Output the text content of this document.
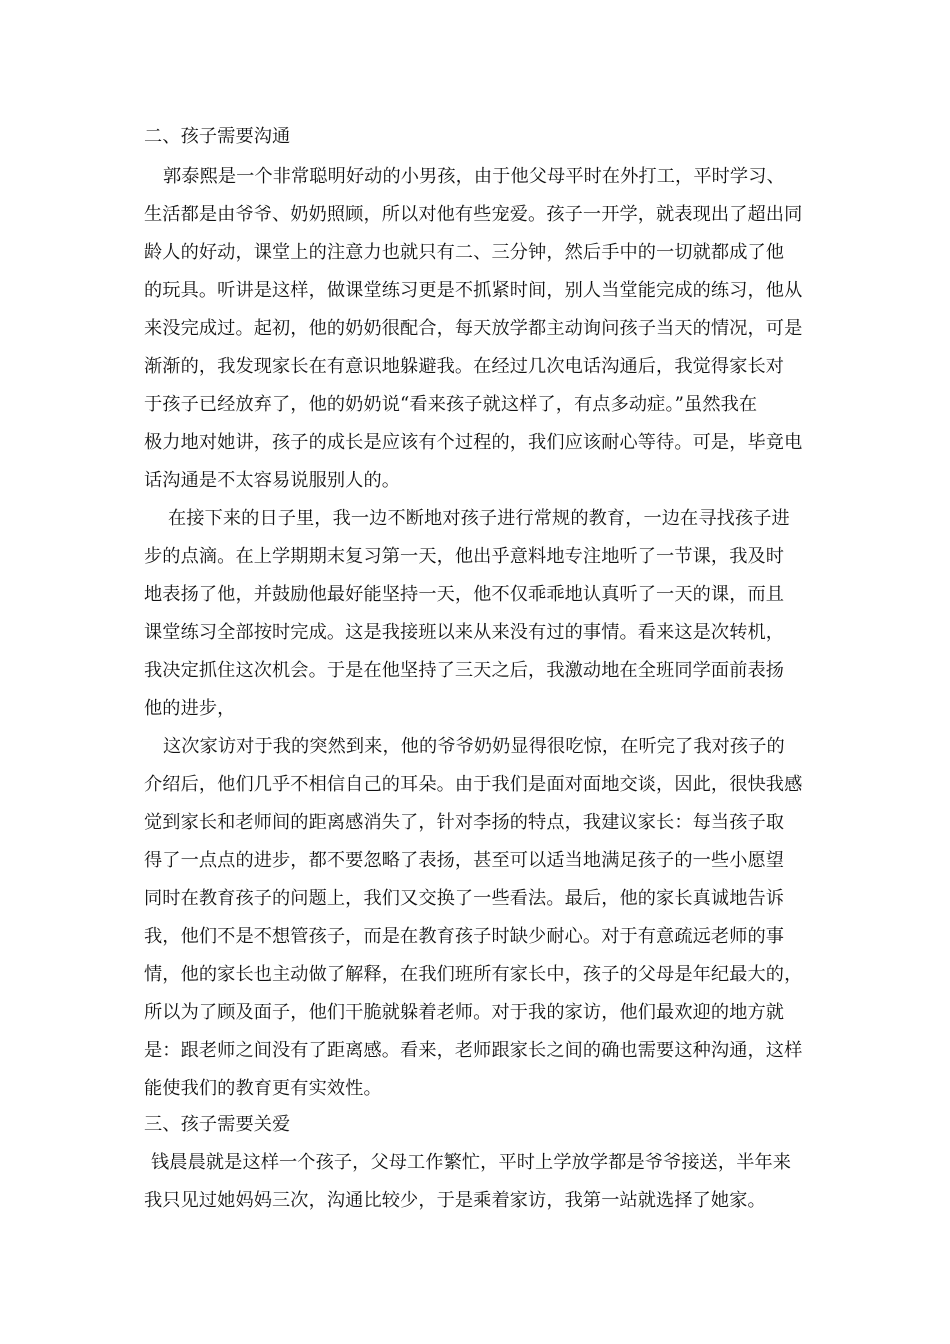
二、孩子需要沟通
郭泰熙是一个非常聪明好动的小男孩，由于他父母平时在外打工，平时学习、
生活都是由爷爷、奶奶照顾，所以对他有些宠爱。孩子一开学，就表现出了超出同
龄人的好动，课堂上的注意力也就只有二、三分钟，然后手中的一切就都成了他
的玩具。听讲是这样，做课堂练习更是不抓紧时间，别人当堂能完成的练习，他从
来没完成过。起初，他的奶奶很配合，每天放学都主动询问孩子当天的情况，可是
渐渐的，我发现家长在有意识地躲避我。在经过几次电话沟通后，我觉得家长对
于孩子已经放弃了，他的奶奶说“看来孩子就这样了，有点多动症。”虽然我在
极力地对她讲，孩子的成长是应该有个过程的，我们应该耐心等待。可是，毕竟电
话沟通是不太容易说服别人的。
在接下来的日子里，我一边不断地对孩子进行常规的教育，一边在寻找孩子进
步的点滴。在上学期期末复习第一天，他出乎意料地专注地听了一节课，我及时
地表扬了他，并鼓励他最好能坚持一天，他不仅乖乖地认真听了一天的课，而且
课堂练习全部按时完成。这是我接班以来从来没有过的事情。看来这是次转机，
我决定抓住这次机会。于是在他坚持了三天之后，我激动地在全班同学面前表扬
他的进步，
这次家访对于我的突然到来，他的爷爷奶奶显得很吃惊，在听完了我对孩子的
介绍后，他们几乎不相信自己的耳朵。由于我们是面对面地交谈，因此，很快我感
觉到家长和老师间的距离感消失了，针对李扬的特点，我建议家长：每当孩子取
得了一点点的进步，都不要忽略了表扬，甚至可以适当地满足孩子的一些小愿望
同时在教育孩子的问题上，我们又交换了一些看法。最后，他的家长真诚地告诉
我，他们不是不想管孩子，而是在教育孩子时缺少耐心。对于有意疏远老师的事
情，他的家长也主动做了解释，在我们班所有家长中，孩子的父母是年纪最大的，
所以为了顾及面子，他们干脆就躲着老师。对于我的家访，他们最欢迎的地方就
是：跟老师之间没有了距离感。看来，老师跟家长之间的确也需要这种沟通，这样
能使我们的教育更有实效性。
三、孩子需要关爱
钱晨晨就是这样一个孩子，父母工作繁忙，平时上学放学都是爷爷接送，半年来
我只见过她妈妈三次，沟通比较少，于是乘着家访，我第一站就选择了她家。
